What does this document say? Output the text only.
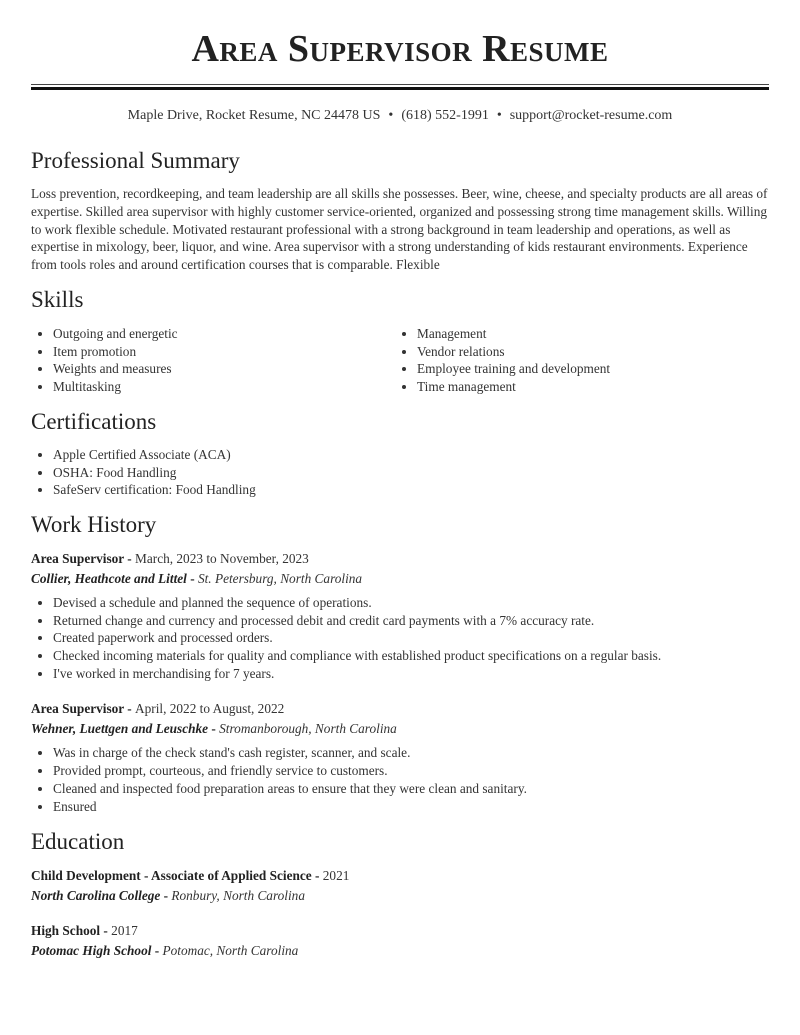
Area Supervisor Resume
Maple Drive, Rocket Resume, NC 24478 US • (618) 552-1991 • support@rocket-resume.com
Professional Summary

Loss prevention, recordkeeping, and team leadership are all skills she possesses. Beer, wine, cheese, and specialty products are all areas of expertise. Skilled area supervisor with highly customer service-oriented, organized and possessing strong time management skills. Willing to work flexible schedule. Motivated restaurant professional with a strong background in team leadership and operations, as well as expertise in mixology, beer, liquor, and wine. Area supervisor with a strong understanding of kids restaurant environments. Experience from tools roles and around certification courses that is comparable. Flexible

Skills
• Outgoing and energetic
• Item promotion
• Weights and measures
• Multitasking
• Management
• Vendor relations
• Employee training and development
• Time management
Certifications
• Apple Certified Associate (ACA)
• OSHA: Food Handling
• SafeServ certification: Food Handling
Work History
Area Supervisor - March, 2023 to November, 2023
Collier, Heathcote and Littel - St. Petersburg, North Carolina
• Devised a schedule and planned the sequence of operations.
• Returned change and currency and processed debit and credit card payments with a 7% accuracy rate.
• Created paperwork and processed orders.
• Checked incoming materials for quality and compliance with established product specifications on a regular basis.
• I've worked in merchandising for 7 years.
Area Supervisor - April, 2022 to August, 2022
Wehner, Luettgen and Leuschke - Stromanborough, North Carolina
• Was in charge of the check stand's cash register, scanner, and scale.
• Provided prompt, courteous, and friendly service to customers.
• Cleaned and inspected food preparation areas to ensure that they were clean and sanitary.
• Ensured
Education
Child Development - Associate of Applied Science - 2021
North Carolina College - Ronbury, North Carolina
High School - 2017
Potomac High School - Potomac, North Carolina
